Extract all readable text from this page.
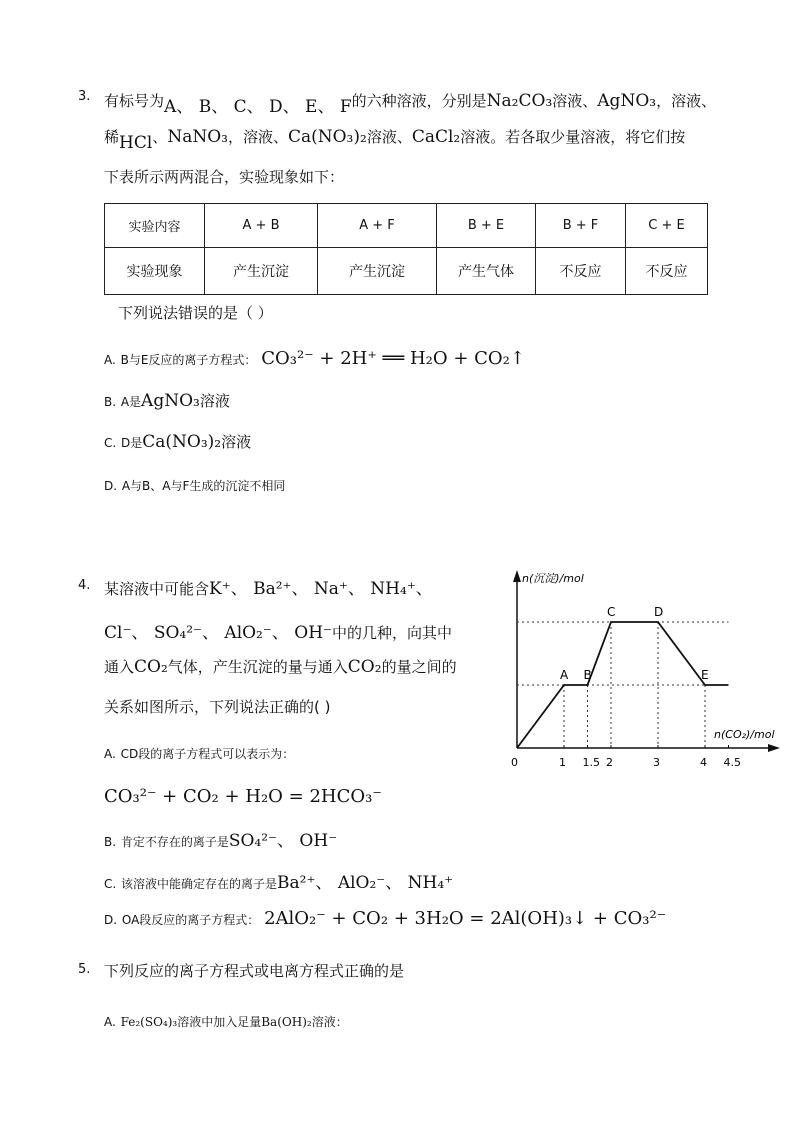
3. 有标号为A、 B、 C、 D、 E、 F的六种溶液，分别是Na₂CO₃溶液、AgNO₃，溶液、
稀HCl、NaNO₃，溶液、Ca(NO₃)₂溶液、CaCl₂溶液。若各取少量溶液，将它们按
下表所示两两混合，实验现象如下：
实验内容	A + B	A + F	B + E	B + F	C + E
实验现象	产生沉淀	产生沉淀	产生气体	不反应	不反应
下列说法错误的是（ ）
A. B与E反应的离子方程式： CO₃²⁻ + 2H⁺ ══ H₂O + CO₂↑
B. A是AgNO₃溶液
C. D是Ca(NO₃)₂溶液
D. A与B、A与F生成的沉淀不相同
4. 某溶液中可能含K⁺、 Ba²⁺、 Na⁺、 NH₄⁺、
Cl⁻、 SO₄²⁻、 AlO₂⁻、 OH⁻中的几种，向其中
通入CO₂气体，产生沉淀的量与通入CO₂的量之间的
关系如图所示，下列说法正确的( )
A. CD段的离子方程式可以表示为：
CO₃²⁻ + CO₂ + H₂O = 2HCO₃⁻
B. 肯定不存在的离子是SO₄²⁻、 OH⁻
C. 该溶液中能确定存在的离子是Ba²⁺、 AlO₂⁻、 NH₄⁺
D. OA段反应的离子方程式： 2AlO₂⁻ + CO₂ + 3H₂O = 2Al(OH)₃↓ + CO₃²⁻
n(沉淀)/mol
n(CO₂)/mol
0
A B
C	D
E
1 1.5 2	3	4 4.5
5. 下列反应的离子方程式或电离方程式正确的是
A. Fe₂(SO₄)₃溶液中加入足量Ba(OH)₂溶液：
